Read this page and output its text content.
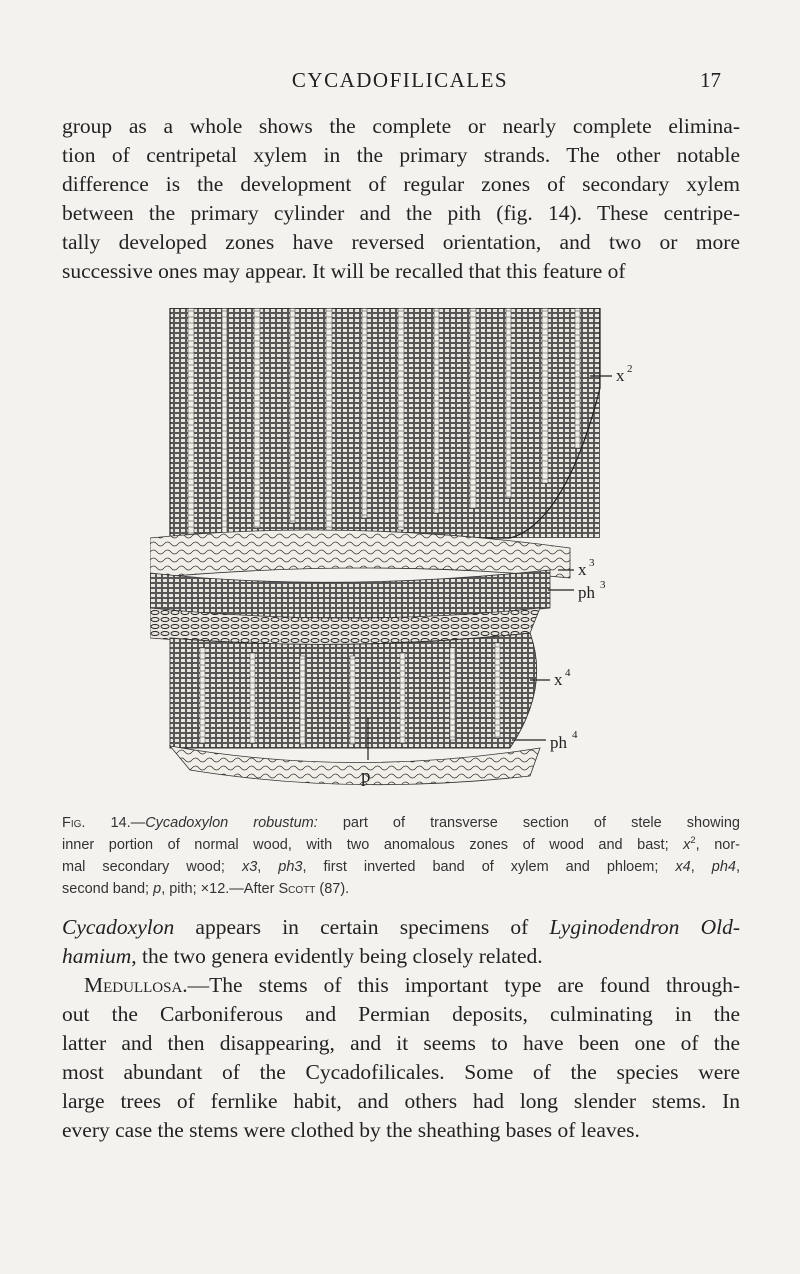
CYCADOFILICALES	17
group as a whole shows the complete or nearly complete elimina-
tion of centripetal xylem in the primary strands. The other notable
difference is the development of regular zones of secondary xylem
between the primary cylinder and the pith (fig. 14). These centripe-
tally developed zones have reversed orientation, and two or more
successive ones may appear. It will be recalled that this feature of
x 2
x 3
ph 3
x 4
ph 4
p
Fig. 14.—Cycadoxylon robustum: part of transverse section of stele showing
inner portion of normal wood, with two anomalous zones of wood and bast; $x^2$, nor-
mal secondary wood; x3, ph3, first inverted band of xylem and phloem; x4, ph4,
second band; p, pith; ×12.—After Scott (87).
Cycadoxylon appears in certain specimens of Lyginodendron Old-
hamium, the two genera evidently being closely related.
Medullosa.—The stems of this important type are found through-
out the Carboniferous and Permian deposits, culminating in the
latter and then disappearing, and it seems to have been one of the
most abundant of the Cycadofilicales. Some of the species were
large trees of fernlike habit, and others had long slender stems. In
every case the stems were clothed by the sheathing bases of leaves.
